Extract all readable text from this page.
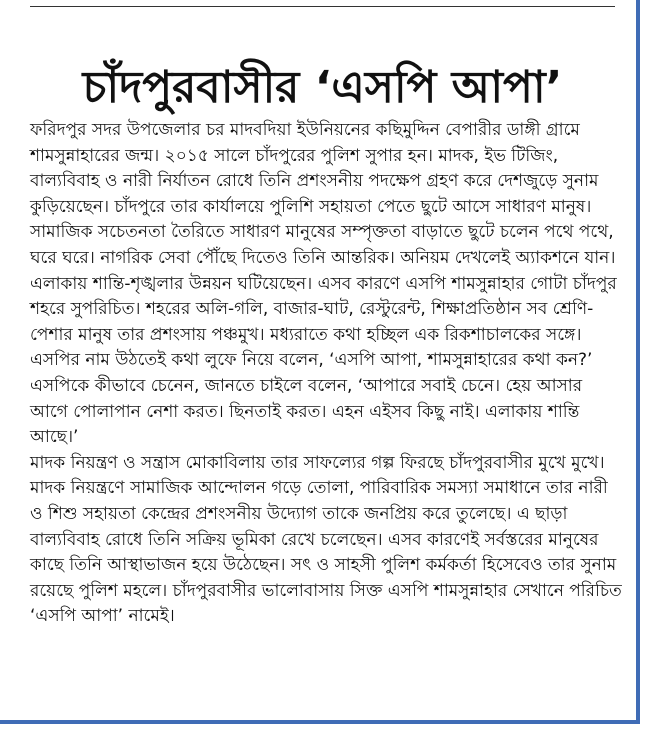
চাঁদপুরবাসীর ‘এসপি আপা’

ফরিদপুর সদর উপজেলার চর মাদবদিয়া ইউনিয়নের কছিমুদ্দিন বেপারীর ডাঙ্গী গ্রামে শামসুন্নাহারের জন্ম। ২০১৫ সালে চাঁদপুরের পুলিশ সুপার হন। মাদক, ইভ টিজিং, বাল্যবিবাহ ও নারী নির্যাতন রোধে তিনি প্রশংসনীয় পদক্ষেপ গ্রহণ করে দেশজুড়ে সুনাম কুড়িয়েছেন। চাঁদপুরে তার কার্যালয়ে পুলিশি সহায়তা পেতে ছুটে আসে সাধারণ মানুষ। সামাজিক সচেতনতা তৈরিতে সাধারণ মানুষের সম্পৃক্ততা বাড়াতে ছুটে চলেন পথে পথে, ঘরে ঘরে। নাগরিক সেবা পৌঁছে দিতেও তিনি আন্তরিক। অনিয়ম দেখলেই অ্যাকশনে যান। এলাকায় শান্তি-শৃঙ্খলার উন্নয়ন ঘটিয়েছেন। এসব কারণে এসপি শামসুন্নাহার গোটা চাঁদপুর শহরে সুপরিচিত। শহরের অলি-গলি, বাজার-ঘাট, রেস্টুরেন্ট, শিক্ষাপ্রতিষ্ঠান সব শ্রেণি-পেশার মানুষ তার প্রশংসায় পঞ্চমুখ। মধ্যরাতে কথা হচ্ছিল এক রিকশাচালকের সঙ্গে। এসপির নাম উঠতেই কথা লুফে নিয়ে বলেন, ‘এসপি আপা, শামসুন্নাহারের কথা কন?’ এসপিকে কীভাবে চেনেন, জানতে চাইলে বলেন, ‘আপারে সবাই চেনে। হেয় আসার আগে পোলাপান নেশা করত। ছিনতাই করত। এহন এইসব কিছু নাই। এলাকায় শান্তি আছে।’

মাদক নিয়ন্ত্রণ ও সন্ত্রাস মোকাবিলায় তার সাফল্যের গল্প ফিরছে চাঁদপুরবাসীর মুখে মুখে। মাদক নিয়ন্ত্রণে সামাজিক আন্দোলন গড়ে তোলা, পারিবারিক সমস্যা সমাধানে তার নারী ও শিশু সহায়তা কেন্দ্রের প্রশংসনীয় উদ্যোগ তাকে জনপ্রিয় করে তুলেছে। এ ছাড়া বাল্যবিবাহ রোধে তিনি সক্রিয় ভূমিকা রেখে চলেছেন। এসব কারণেই সর্বস্তরের মানুষের কাছে তিনি আস্থাভাজন হয়ে উঠেছেন। সৎ ও সাহসী পুলিশ কর্মকর্তা হিসেবেও তার সুনাম রয়েছে পুলিশ মহলে। চাঁদপুরবাসীর ভালোবাসায় সিক্ত এসপি শামসুন্নাহার সেখানে পরিচিত ‘এসপি আপা’ নামেই।
